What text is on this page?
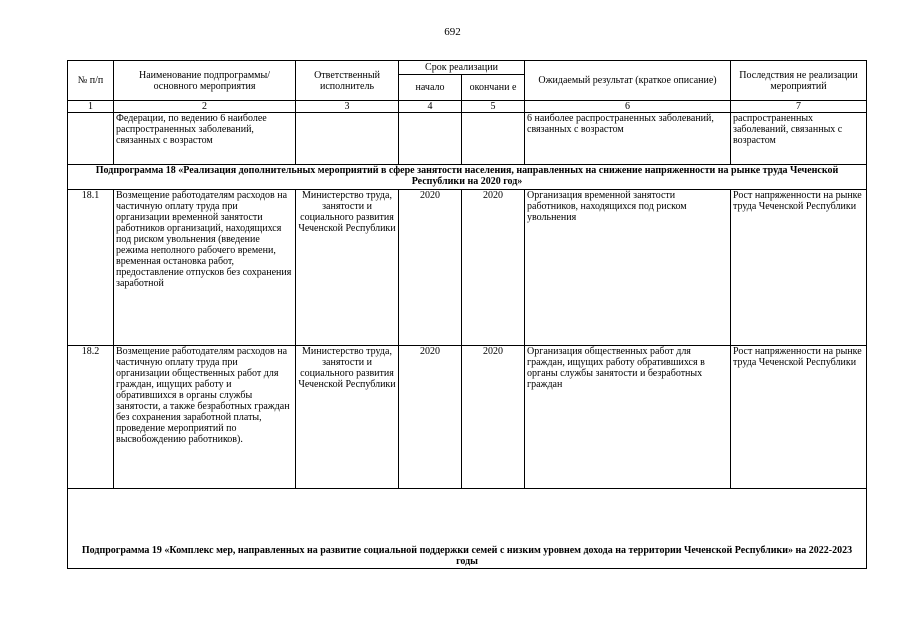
692
№ п/п	Наименование подпрограммы/ основного мероприятия	Ответственный исполнитель	Срок реализации		Ожидаемый результат (краткое описание)	Последствия не реализации мероприятий
			начало	окончани е		
1	2	3	4	5	6	7
	Федерации, по ведению 6 наиболее распространенных заболеваний, связанных с возрастом				6 наиболее распространенных заболеваний, связанных с возрастом	распространенных заболеваний, связанных с возрастом
Подпрограмма 18 «Реализация дополнительных мероприятий в сфере занятости населения, направленных на снижение напряженности на рынке труда Чеченской Республики на 2020 год»						
18.1	Возмещение работодателям расходов на частичную оплату труда при организации временной занятости работников организаций, находящихся под риском увольнения (введение режима неполного рабочего времени, временная остановка работ, предоставление отпусков без сохранения заработной	Министерство труда, занятости и социального развития Чеченской Республики	2020	2020	Организация временной занятости работников, находящихся под риском увольнения	Рост напряженности на рынке труда Чеченской Республики
18.2	Возмещение работодателям расходов на частичную оплату труда при организации общественных работ для граждан, ищущих работу и обратившихся в органы службы занятости, а также безработных граждан без сохранения заработной платы, проведение мероприятий по высвобождению работников).	Министерство труда, занятости и социального развития Чеченской Республики	2020	2020	Организация общественных работ для граждан, ищущих работу обратившихся в органы службы занятости и безработных граждан	Рост напряженности на рынке труда Чеченской Республики
Подпрограмма 19 «Комплекс мер, направленных на развитие социальной поддержки семей с низким уровнем дохода на территории Чеченской Республики» на 2022-2023 годы						
